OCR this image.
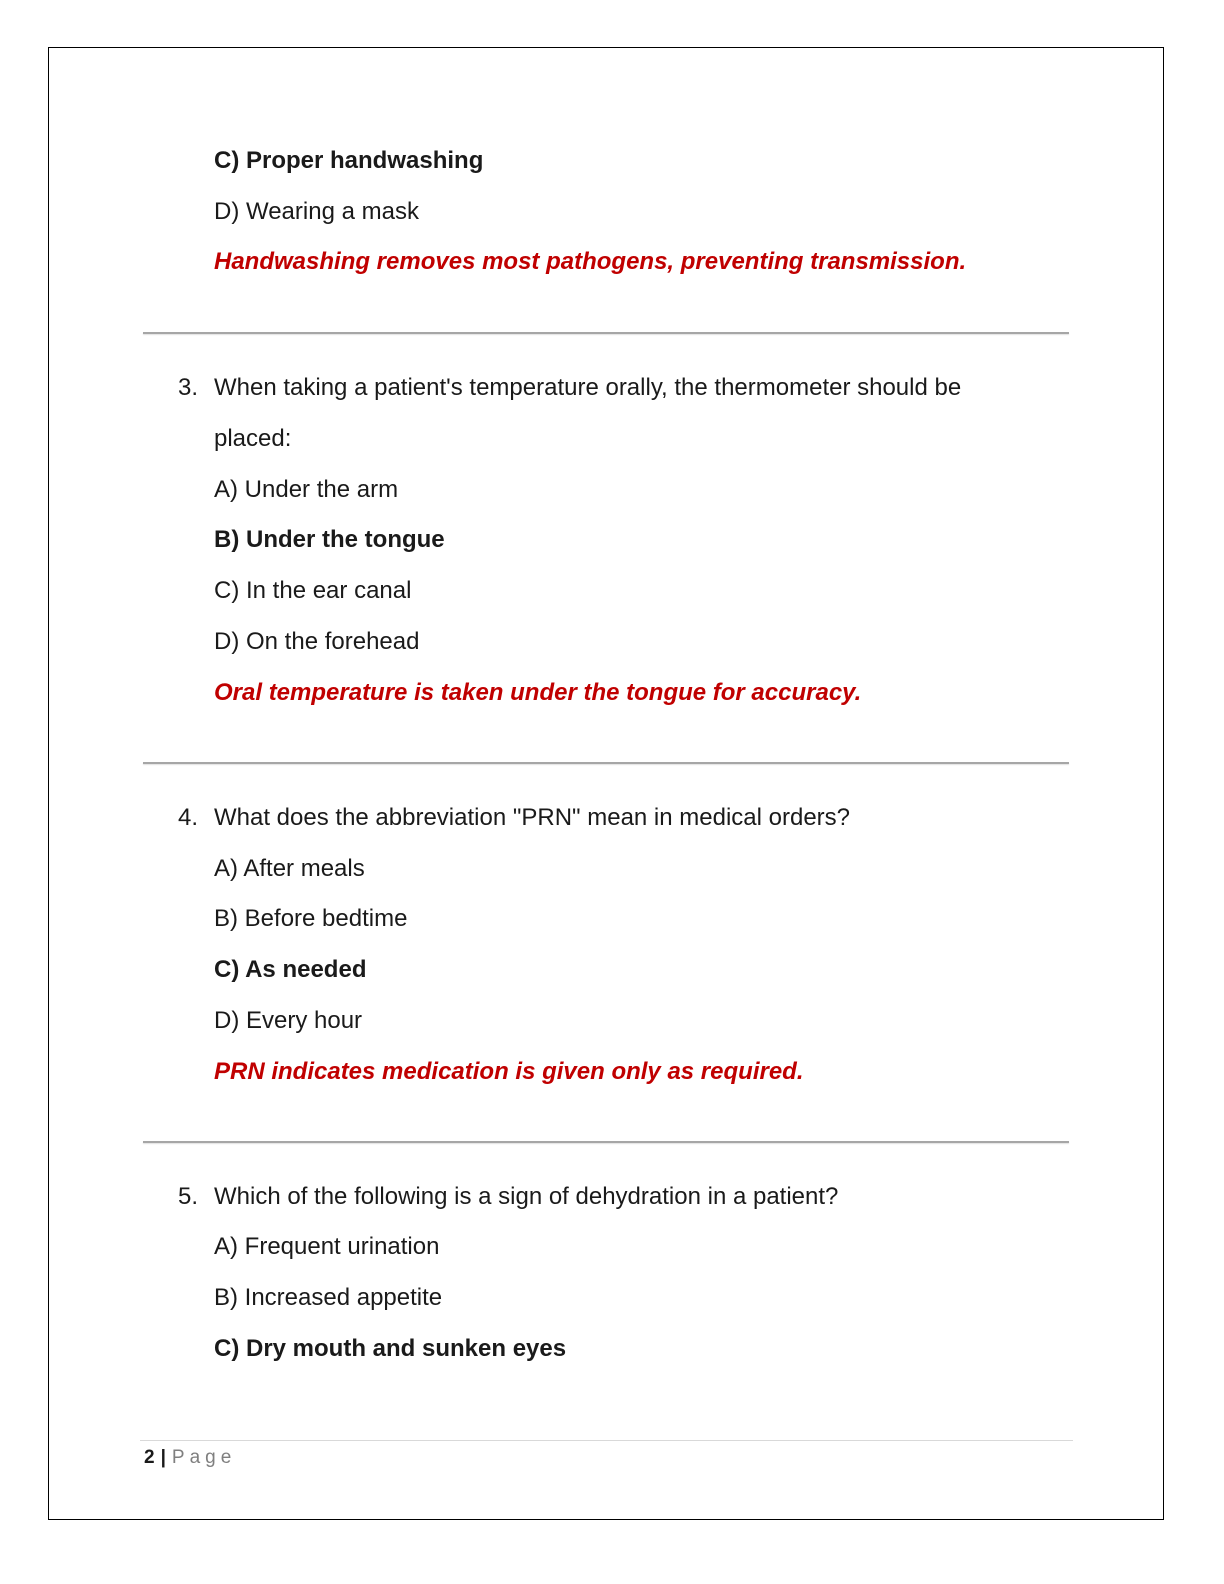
C) Proper handwashing
D) Wearing a mask
Handwashing removes most pathogens, preventing transmission.
3. When taking a patient's temperature orally, the thermometer should be
placed:
A) Under the arm
B) Under the tongue
C) In the ear canal
D) On the forehead
Oral temperature is taken under the tongue for accuracy.
4. What does the abbreviation "PRN" mean in medical orders?
A) After meals
B) Before bedtime
C) As needed
D) Every hour
PRN indicates medication is given only as required.
5. Which of the following is a sign of dehydration in a patient?
A) Frequent urination
B) Increased appetite
C) Dry mouth and sunken eyes
2 | Page
